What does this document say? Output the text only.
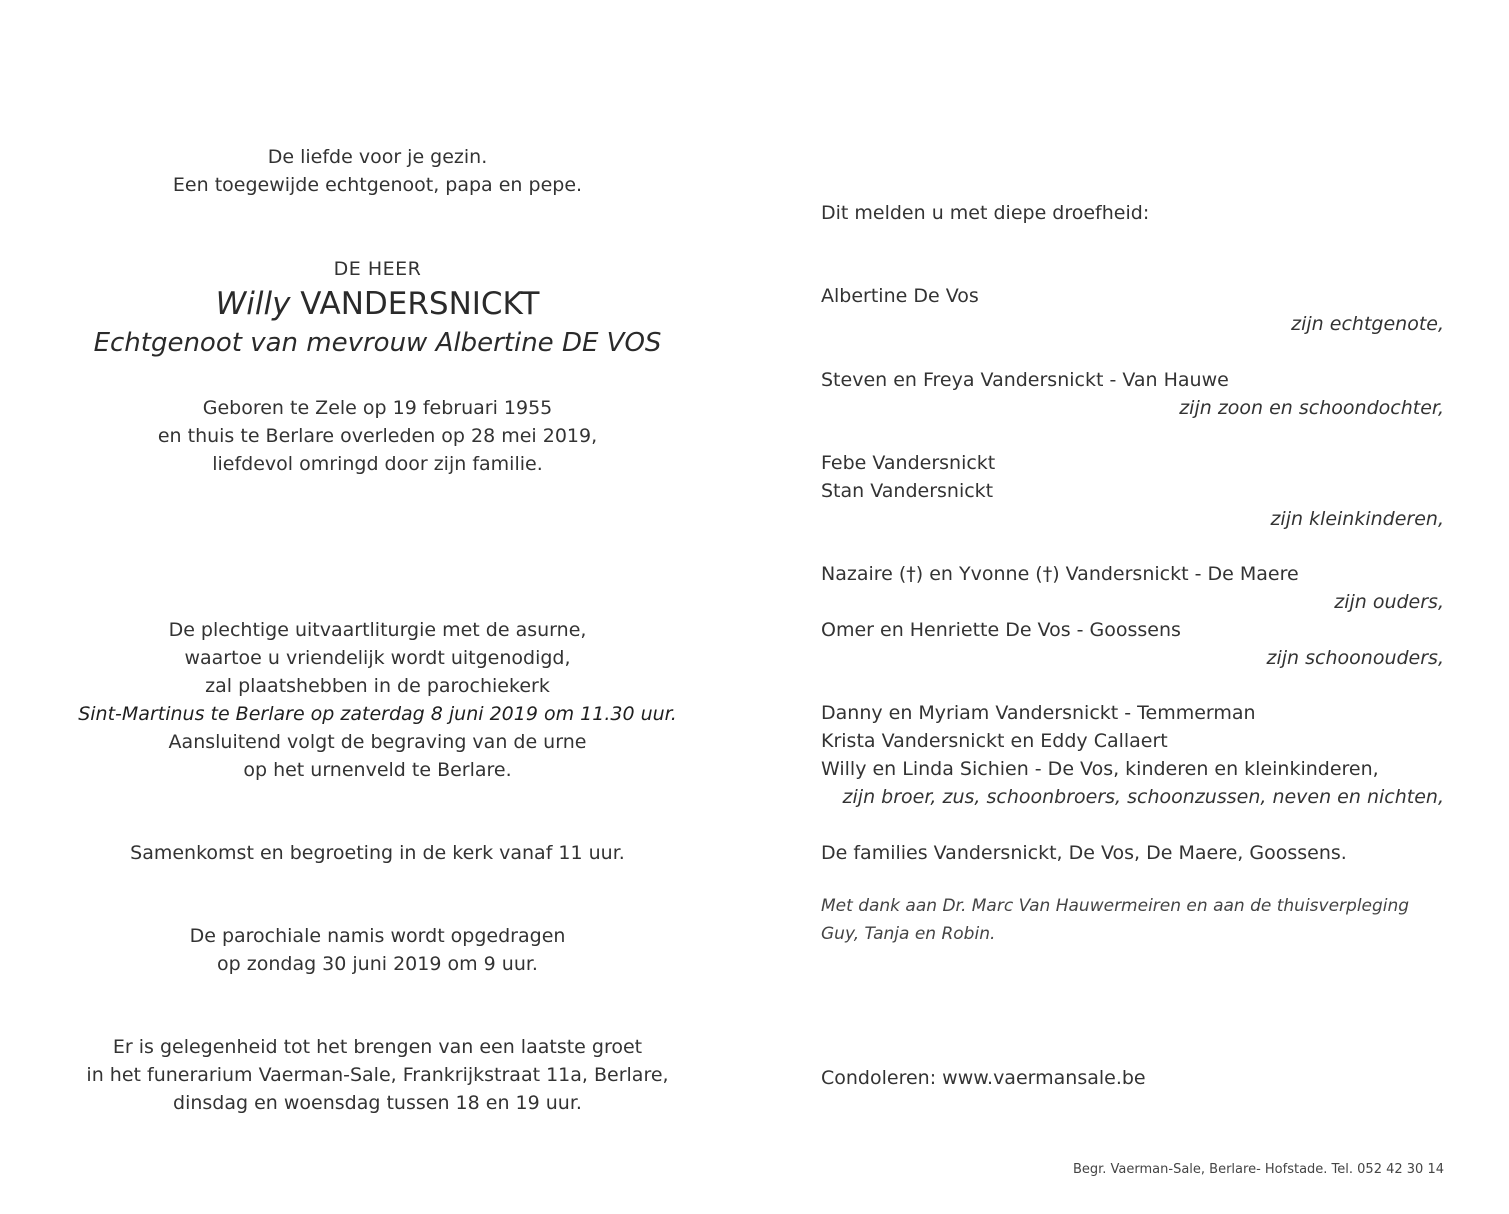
De liefde voor je gezin.
Een toegewijde echtgenoot, papa en pepe.
DE HEER
Willy VANDERSNICKT
Echtgenoot van mevrouw Albertine DE VOS
Geboren te Zele op 19 februari 1955
en thuis te Berlare overleden op 28 mei 2019,
liefdevol omringd door zijn familie.
De plechtige uitvaartliturgie met de asurne,
waartoe u vriendelijk wordt uitgenodigd,
zal plaatshebben in de parochiekerk
Sint-Martinus te Berlare op zaterdag 8 juni 2019 om 11.30 uur.
Aansluitend volgt de begraving van de urne
op het urnenveld te Berlare.
Samenkomst en begroeting in de kerk vanaf 11 uur.
De parochiale namis wordt opgedragen
op zondag 30 juni 2019 om 9 uur.
Er is gelegenheid tot het brengen van een laatste groet
in het funerarium Vaerman-Sale, Frankrijkstraat 11a, Berlare,
dinsdag en woensdag tussen 18 en 19 uur.
Dit melden u met diepe droefheid:
Albertine De Vos
zijn echtgenote,
Steven en Freya Vandersnickt - Van Hauwe
zijn zoon en schoondochter,
Febe Vandersnickt
Stan Vandersnickt
zijn kleinkinderen,
Nazaire (†) en Yvonne (†) Vandersnickt - De Maere
zijn ouders,
Omer en Henriette De Vos - Goossens
zijn schoonouders,
Danny en Myriam Vandersnickt - Temmerman
Krista Vandersnickt en Eddy Callaert
Willy en Linda Sichien - De Vos, kinderen en kleinkinderen,
zijn broer, zus, schoonbroers, schoonzussen, neven en nichten,
De families Vandersnickt, De Vos, De Maere, Goossens.
Met dank aan Dr. Marc Van Hauwermeiren en aan de thuisverpleging
Guy, Tanja en Robin.
Condoleren: www.vaermansale.be
Begr. Vaerman-Sale, Berlare- Hofstade. Tel. 052 42 30 14
